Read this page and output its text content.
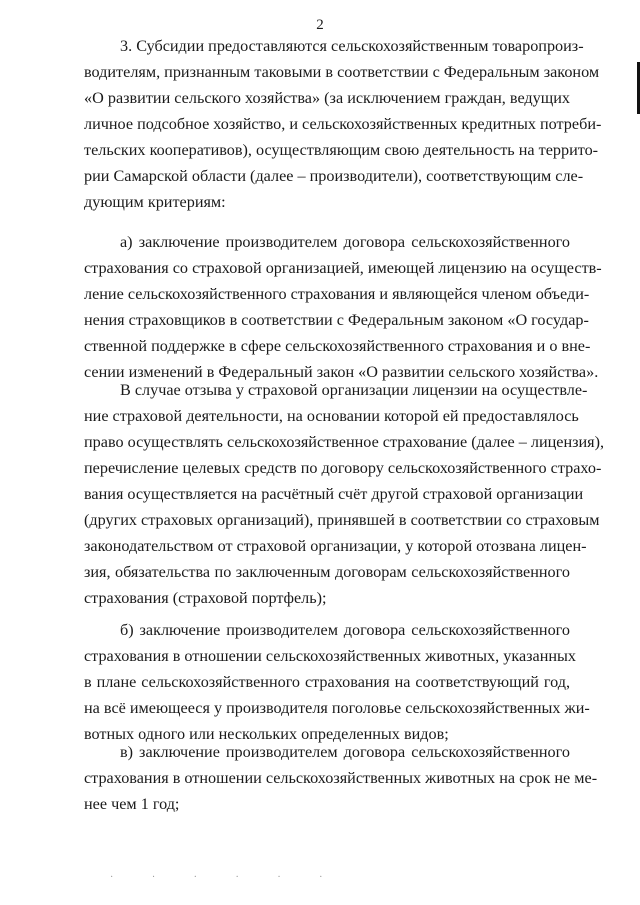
2
3. Субсидии предоставляются сельскохозяйственным товаропроиз-
водителям, признанным таковыми в соответствии с Федеральным законом
«О развитии сельского хозяйства» (за исключением граждан, ведущих
личное подсобное хозяйство, и сельскохозяйственных кредитных потреби-
тельских кооперативов), осуществляющим свою деятельность на террито-
рии Самарской области (далее – производители), соответствующим сле-
дующим критериям:
а) заключение производителем договора сельскохозяйственного
страхования со страховой организацией, имеющей лицензию на осуществ-
ление сельскохозяйственного страхования и являющейся членом объеди-
нения страховщиков в соответствии с Федеральным законом «О государ-
ственной поддержке в сфере сельскохозяйственного страхования и о вне-
сении изменений в Федеральный закон «О развитии сельского хозяйства».
В случае отзыва у страховой организации лицензии на осуществле-
ние страховой деятельности, на основании которой ей предоставлялось
право осуществлять сельскохозяйственное страхование (далее – лицензия),
перечисление целевых средств по договору сельскохозяйственного страхо-
вания осуществляется на расчётный счёт другой страховой организации
(других страховых организаций), принявшей в соответствии со страховым
законодательством от страховой организации, у которой отозвана лицен-
зия, обязательства по заключенным договорам сельскохозяйственного
страхования (страховой портфель);
б) заключение производителем договора сельскохозяйственного
страхования в отношении сельскохозяйственных животных, указанных
в плане сельскохозяйственного страхования на соответствующий год,
на всё имеющееся у производителя поголовье сельскохозяйственных жи-
вотных одного или нескольких определенных видов;
в) заключение производителем договора сельскохозяйственного
страхования в отношении сельскохозяйственных животных на срок не ме-
нее чем 1 год;
· · · · · ·
